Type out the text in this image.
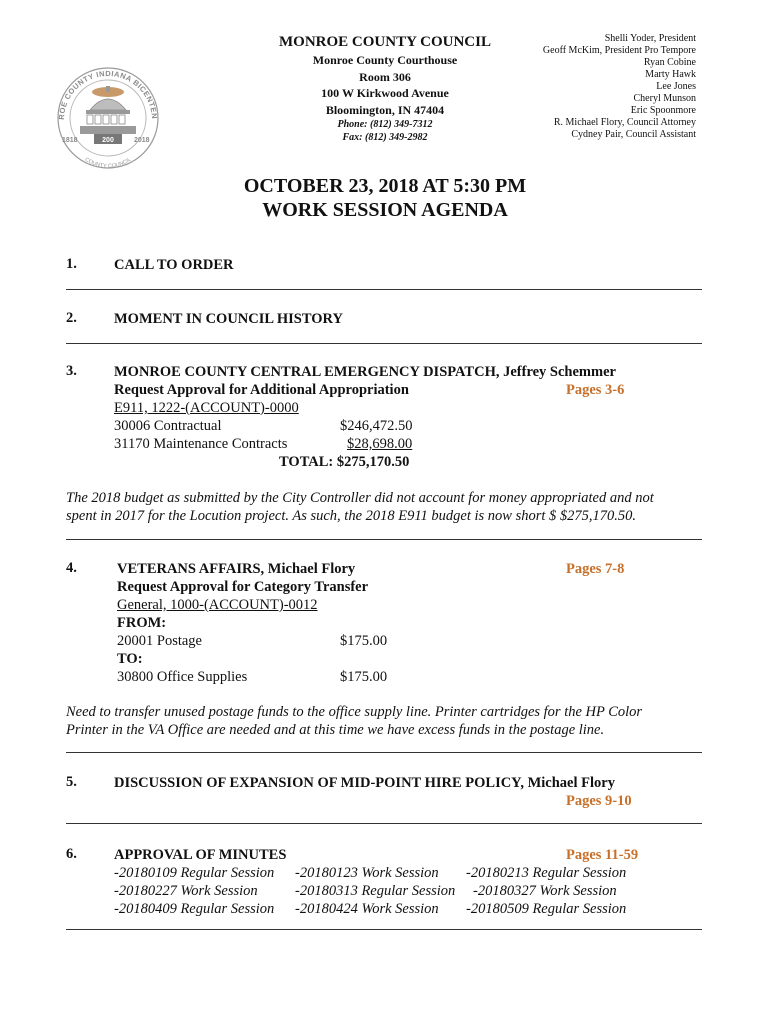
ROE COUNTY INDIANA BICENTEN
200
1818	2018
COUNTY COUNCIL
MONROE COUNTY COUNCIL
Monroe County Courthouse
Room 306
100 W Kirkwood Avenue
Bloomington, IN 47404
Phone: (812) 349-7312
Fax: (812) 349-2982
Shelli Yoder, President
Geoff McKim, President Pro Tempore
Ryan Cobine
Marty Hawk
Lee Jones
Cheryl Munson
Eric Spoonmore
R. Michael Flory, Council Attorney
Cydney Pair, Council Assistant
OCTOBER 23, 2018 AT 5:30 PM
WORK SESSION AGENDA
1.	CALL TO ORDER
2.	MOMENT IN COUNCIL HISTORY
3.	MONROE COUNTY CENTRAL EMERGENCY DISPATCH, Jeffrey Schemmer
Request Approval for Additional Appropriation	Pages 3-6
E911, 1222-(ACCOUNT)-0000
30006 Contractual	$246,472.50
31170 Maintenance Contracts	$28,698.00
TOTAL: $275,170.50
The 2018 budget as submitted by the City Controller did not account for money appropriated and not
spent in 2017 for the Locution project. As such, the 2018 E911 budget is now short $ $275,170.50.
4.	VETERANS AFFAIRS, Michael Flory	Pages 7-8
Request Approval for Category Transfer
General, 1000-(ACCOUNT)-0012
FROM:
20001 Postage	$175.00
TO:
30800 Office Supplies	$175.00
Need to transfer unused postage funds to the office supply line. Printer cartridges for the HP Color
Printer in the VA Office are needed and at this time we have excess funds in the postage line.
5.	DISCUSSION OF EXPANSION OF MID-POINT HIRE POLICY, Michael Flory
Pages 9-10
6.	APPROVAL OF MINUTES	Pages 11-59
-20180109 Regular Session -20180123 Work Session -20180213 Regular Session
-20180227 Work Session	-20180313 Regular Session -20180327 Work Session
-20180409 Regular Session -20180424 Work Session -20180509 Regular Session
